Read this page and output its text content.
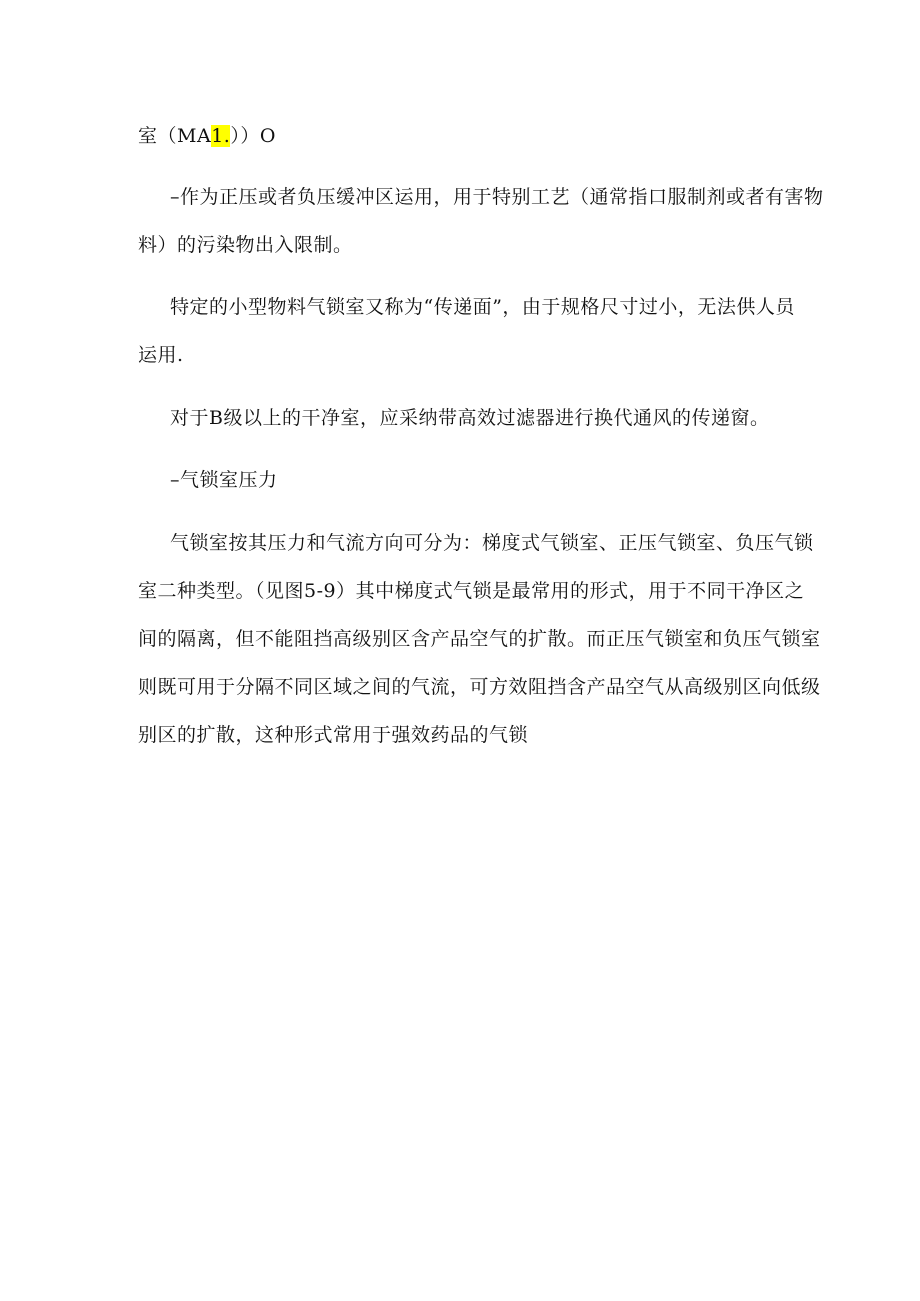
室（MA1.））O
–作为正压或者负压缓冲区运用，用于特别工艺（通常指口服制剂或者有害物
料）的污染物出入限制。
特定的小型物料气锁室又称为“传递面”，由于规格尺寸过小，无法供人员
运用.
对于B级以上的干净室，应采纳带高效过滤器进行换代通风的传递窗。
–气锁室压力
气锁室按其压力和气流方向可分为：梯度式气锁室、正压气锁室、负压气锁
室二种类型。（见图5-9）其中梯度式气锁是最常用的形式，用于不同干净区之
间的隔离，但不能阻挡高级别区含产品空气的扩散。而正压气锁室和负压气锁室
则既可用于分隔不同区域之间的气流，可方效阻挡含产品空气从高级别区向低级
别区的扩散，这种形式常用于强效药品的气锁
